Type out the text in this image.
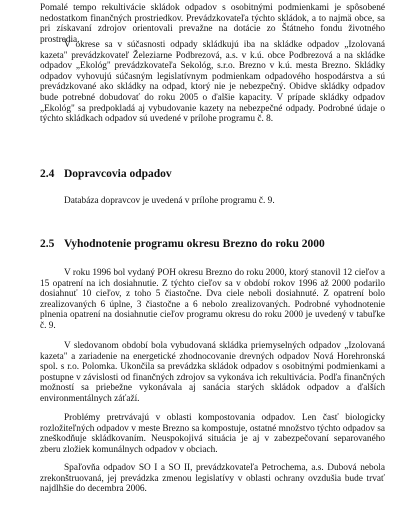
Pomalé tempo rekultivácie skládok odpadov s osobitnými podmienkami je spôsobené nedostatkom finančných prostriedkov. Prevádzkovateľa týchto skládok, a to najmä obce, sa pri získavaní zdrojov orientovali prevažne na dotácie zo Štátneho fondu životného prostredia.

V okrese sa v súčasnosti odpady skládkujú iba na skládke odpadov „Izolovaná kazeta" prevádzkovateľ Železiarne Podbrezová, a.s. v k.ú. obce Podbrezová a na skládke odpadov „Ekológ" prevádzkovateľa Sekológ, s.r.o. Brezno v k.ú. mesta Brezno. Skládky odpadov vyhovujú súčasným legislatívnym podmienkam odpadového hospodárstva a sú prevádzkované ako skládky na odpad, ktorý nie je nebezpečný. Obidve skládky odpadov bude potrebné dobudovať do roku 2005 o ďalšie kapacity. V prípade skládky odpadov „Ekológ" sa predpokladá aj vybudovanie kazety na nebezpečné odpady. Podrobné údaje o týchto skládkach odpadov sú uvedené v prílohe programu č. 8.

2.4 Dopravcovia odpadov

Databáza dopravcov je uvedená v prílohe programu č. 9.

2.5 Vyhodnotenie programu okresu Brezno do roku 2000

V roku 1996 bol vydaný POH okresu Brezno do roku 2000, ktorý stanovil 12 cieľov a 15 opatrení na ich dosiahnutie. Z týchto cieľov sa v období rokov 1996 až 2000 podarilo dosiahnuť 10 cieľov, z toho 5 čiastočne. Dva ciele neboli dosiahnuté. Z opatrení bolo zrealizovaných 6 úplne, 3 čiastočne a 6 nebolo zrealizovaných. Podrobné vyhodnotenie plnenia opatrení na dosiahnutie cieľov programu okresu do roku 2000 je uvedený v tabuľke č. 9.

V sledovanom období bola vybudovaná skládka priemyselných odpadov „Izolovaná kazeta" a zariadenie na energetické zhodnocovanie drevných odpadov Nová Horehronská spol. s r.o. Polomka. Ukončila sa prevádzka skládok odpadov s osobitnými podmienkami a postupne v závislosti od finančných zdrojov sa vykonáva ich rekultivácia. Podľa finančných možností sa priebežne vykonávala aj sanácia starých skládok odpadov a ďalších environmentálnych záťaží.

Problémy pretrvávajú v oblasti kompostovania odpadov. Len časť biologicky rozložiteľných odpadov v meste Brezno sa kompostuje, ostatné množstvo týchto odpadov sa zneškodňuje skládkovaním. Neuspokojivá situácia je aj v zabezpečovaní separovaného zberu zložiek komunálnych odpadov v obciach.

Spaľovňa odpadov SO I a SO II, prevádzkovateľa Petrochema, a.s. Dubová nebola zrekonštruovaná, jej prevádzka zmenou legislatívy v oblasti ochrany ovzdušia bude trvať najdlhšie do decembra 2006.
